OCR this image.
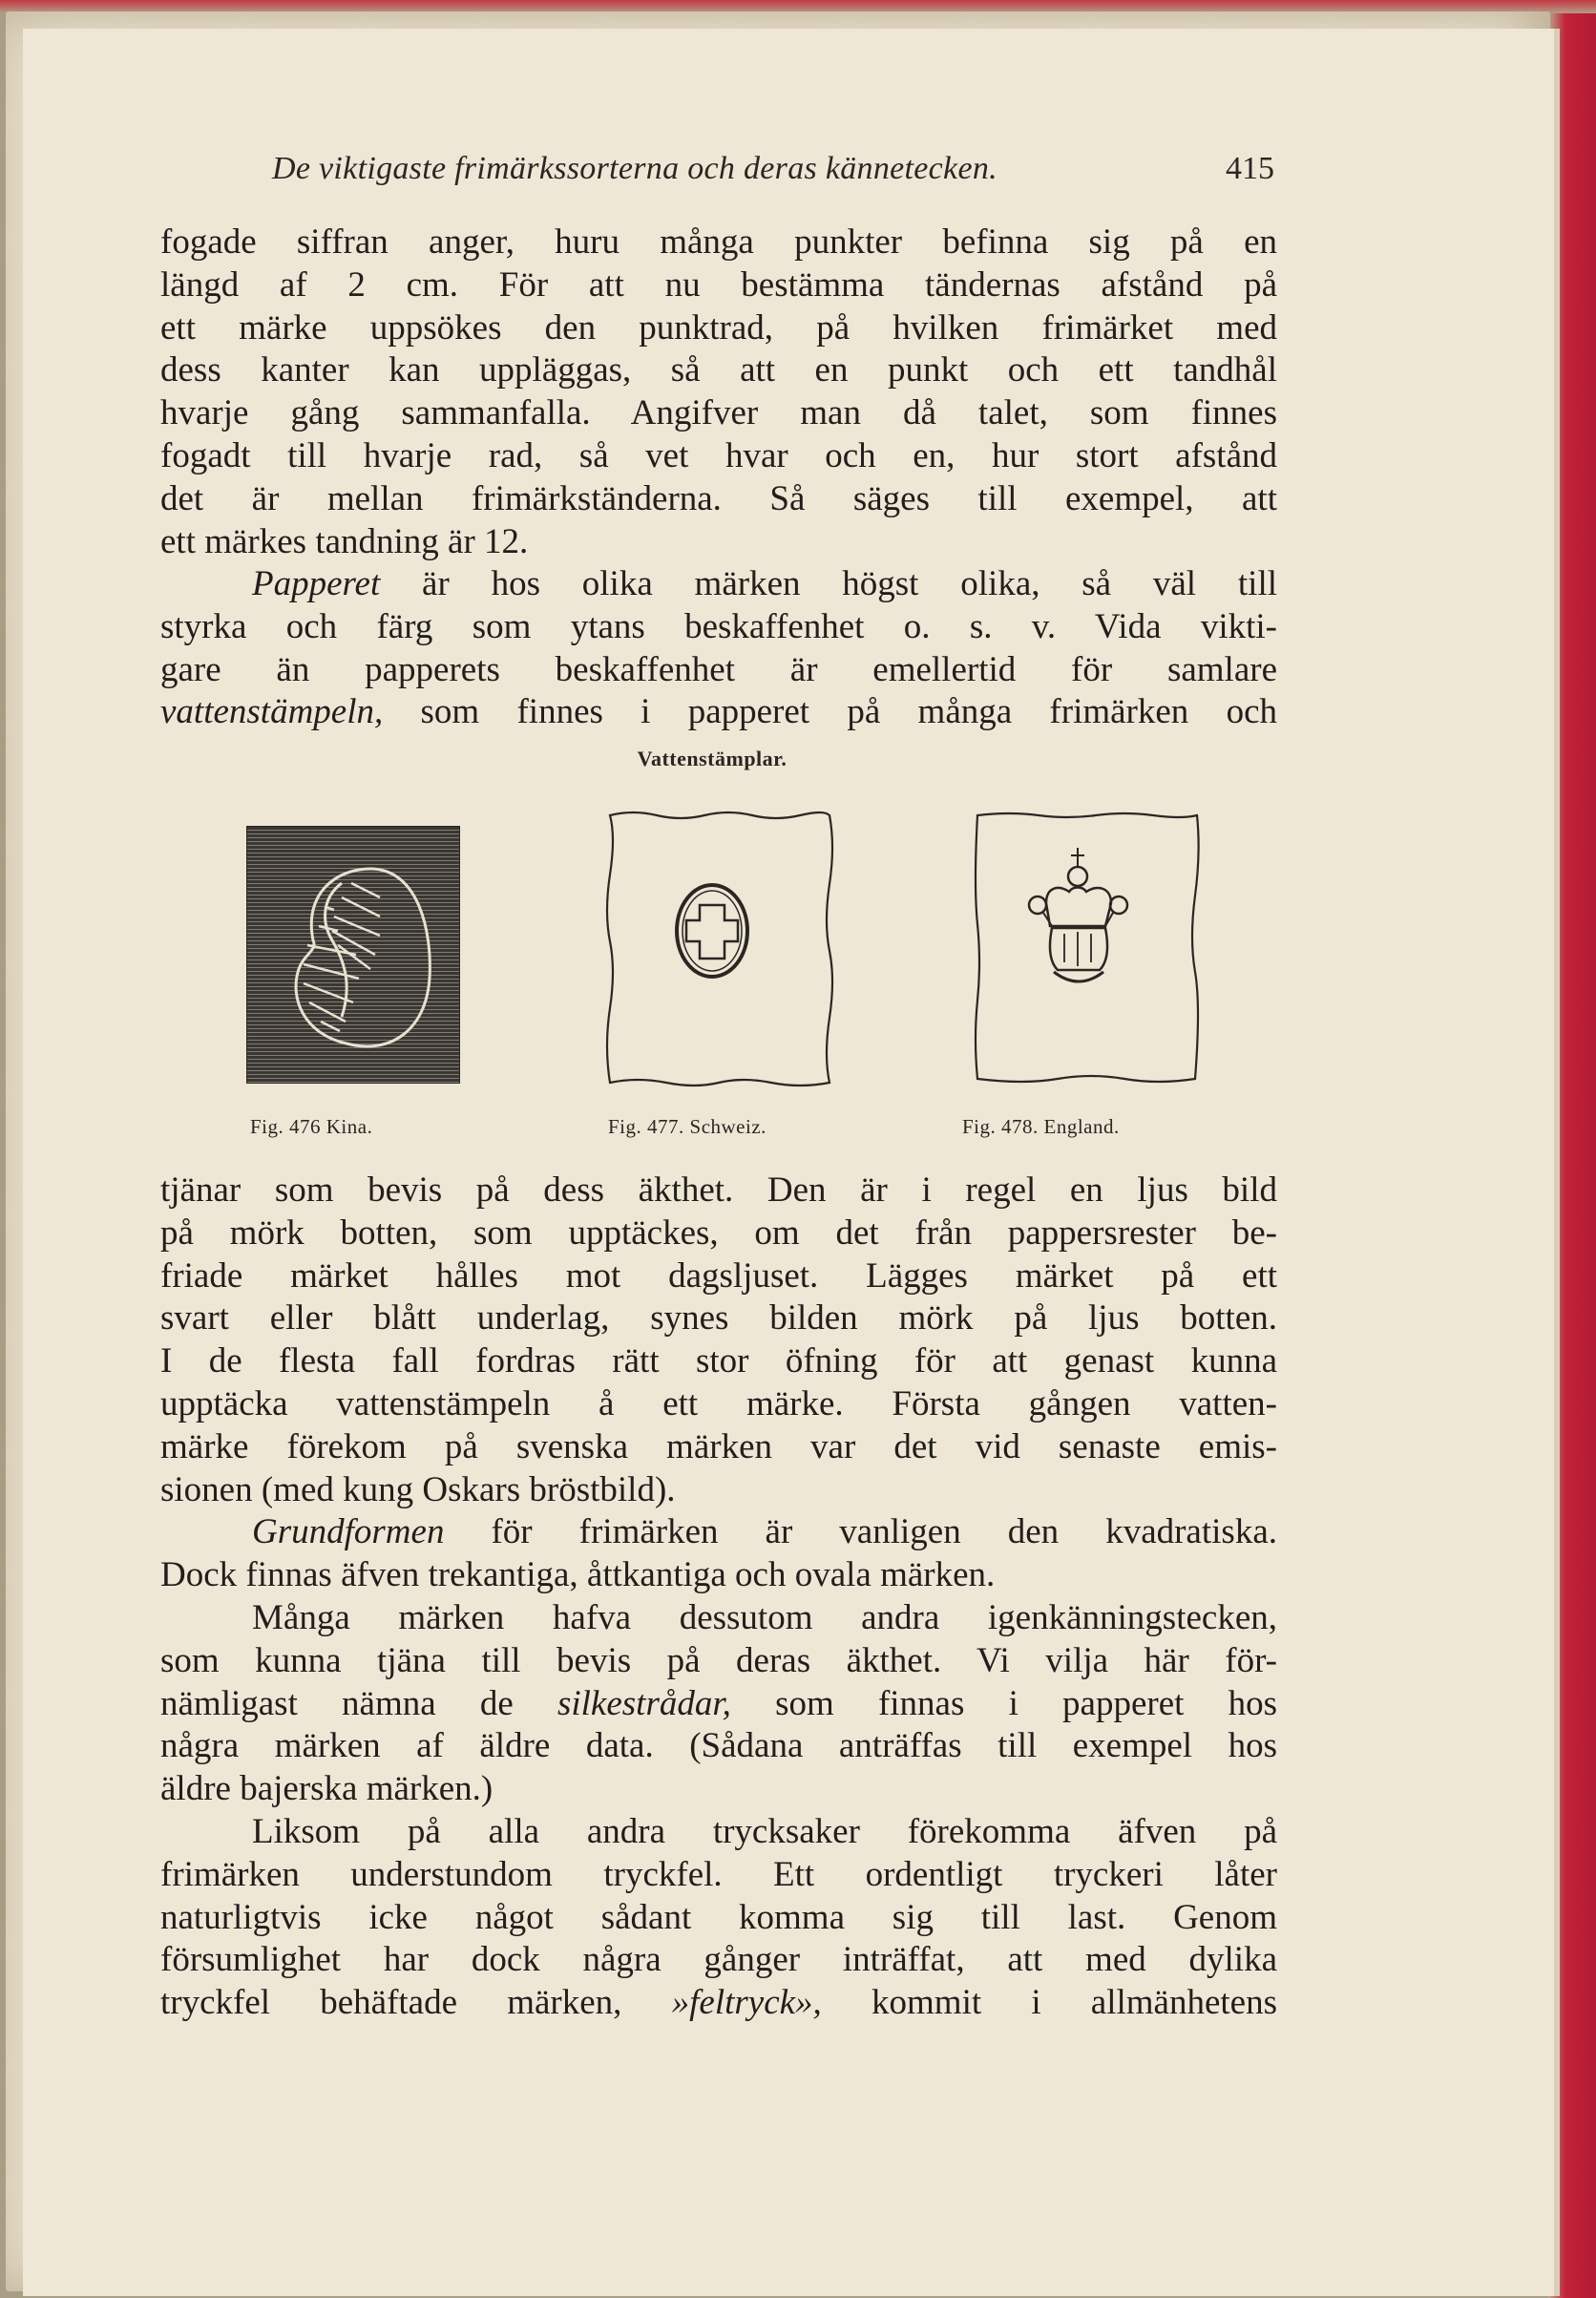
De viktigaste frimärkssorterna och deras kännetecken.	415
fogade siffran anger, huru många punkter befinna sig på en
längd af 2 cm. För att nu bestämma tändernas afstånd på
ett märke uppsökes den punktrad, på hvilken frimärket med
dess kanter kan uppläggas, så att en punkt och ett tandhål
hvarje gång sammanfalla. Angifver man då talet, som finnes
fogadt till hvarje rad, så vet hvar och en, hur stort afstånd
det är mellan frimärkständerna. Så säges till exempel, att
ett märkes tandning är 12.
Papperet är hos olika märken högst olika, så väl till
styrka och färg som ytans beskaffenhet o. s. v. Vida vikti-
gare än papperets beskaffenhet är emellertid för samlare
vattenstämpeln, som finnes i papperet på många frimärken och
Vattenstämplar.
Fig. 476 Kina.	Fig. 477. Schweiz.	Fig. 478. England.
tjänar som bevis på dess äkthet. Den är i regel en ljus bild
på mörk botten, som upptäckes, om det från pappersrester be-
friade märket hålles mot dagsljuset. Lägges märket på ett
svart eller blått underlag, synes bilden mörk på ljus botten.
I de flesta fall fordras rätt stor öfning för att genast kunna
upptäcka vattenstämpeln å ett märke. Första gången vatten-
märke förekom på svenska märken var det vid senaste emis-
sionen (med kung Oskars bröstbild).
Grundformen för frimärken är vanligen den kvadratiska.
Dock finnas äfven trekantiga, åttkantiga och ovala märken.
Många märken hafva dessutom andra igenkänningstecken,
som kunna tjäna till bevis på deras äkthet. Vi vilja här för-
nämligast nämna de silkestrådar, som finnas i papperet hos
några märken af äldre data. (Sådana anträffas till exempel hos
äldre bajerska märken.)
Liksom på alla andra trycksaker förekomma äfven på
frimärken understundom tryckfel. Ett ordentligt tryckeri låter
naturligtvis icke något sådant komma sig till last. Genom
försumlighet har dock några gånger inträffat, att med dylika
tryckfel behäftade märken, »feltryck», kommit i allmänhetens
